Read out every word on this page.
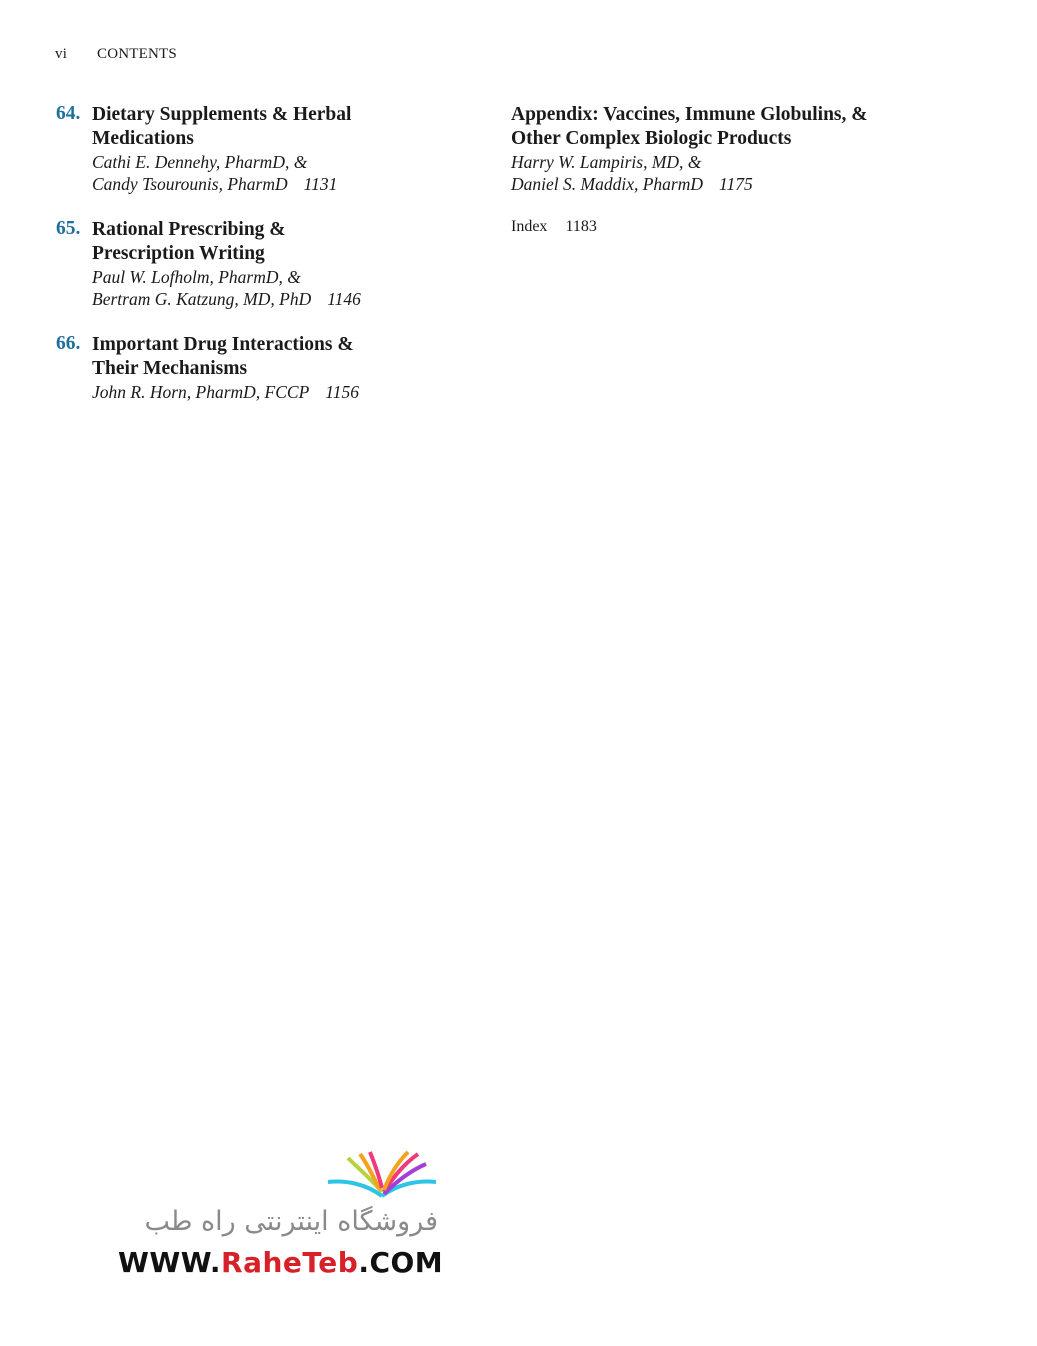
vi CONTENTS
64. Dietary Supplements & Herbal
Medications
Cathi E. Dennehy, PharmD, &
Candy Tsourounis, PharmD 1131
65. Rational Prescribing &
Prescription Writing
Paul W. Lofholm, PharmD, &
Bertram G. Katzung, MD, PhD 1146
66. Important Drug Interactions &
Their Mechanisms
John R. Horn, PharmD, FCCP 1156
Appendix: Vaccines, Immune Globulins, &
Other Complex Biologic Products
Harry W. Lampiris, MD, &
Daniel S. Maddix, PharmD 1175
Index 1183
فروشگاه اینترنتی راه طب
WWW.RaheTeb.COM
